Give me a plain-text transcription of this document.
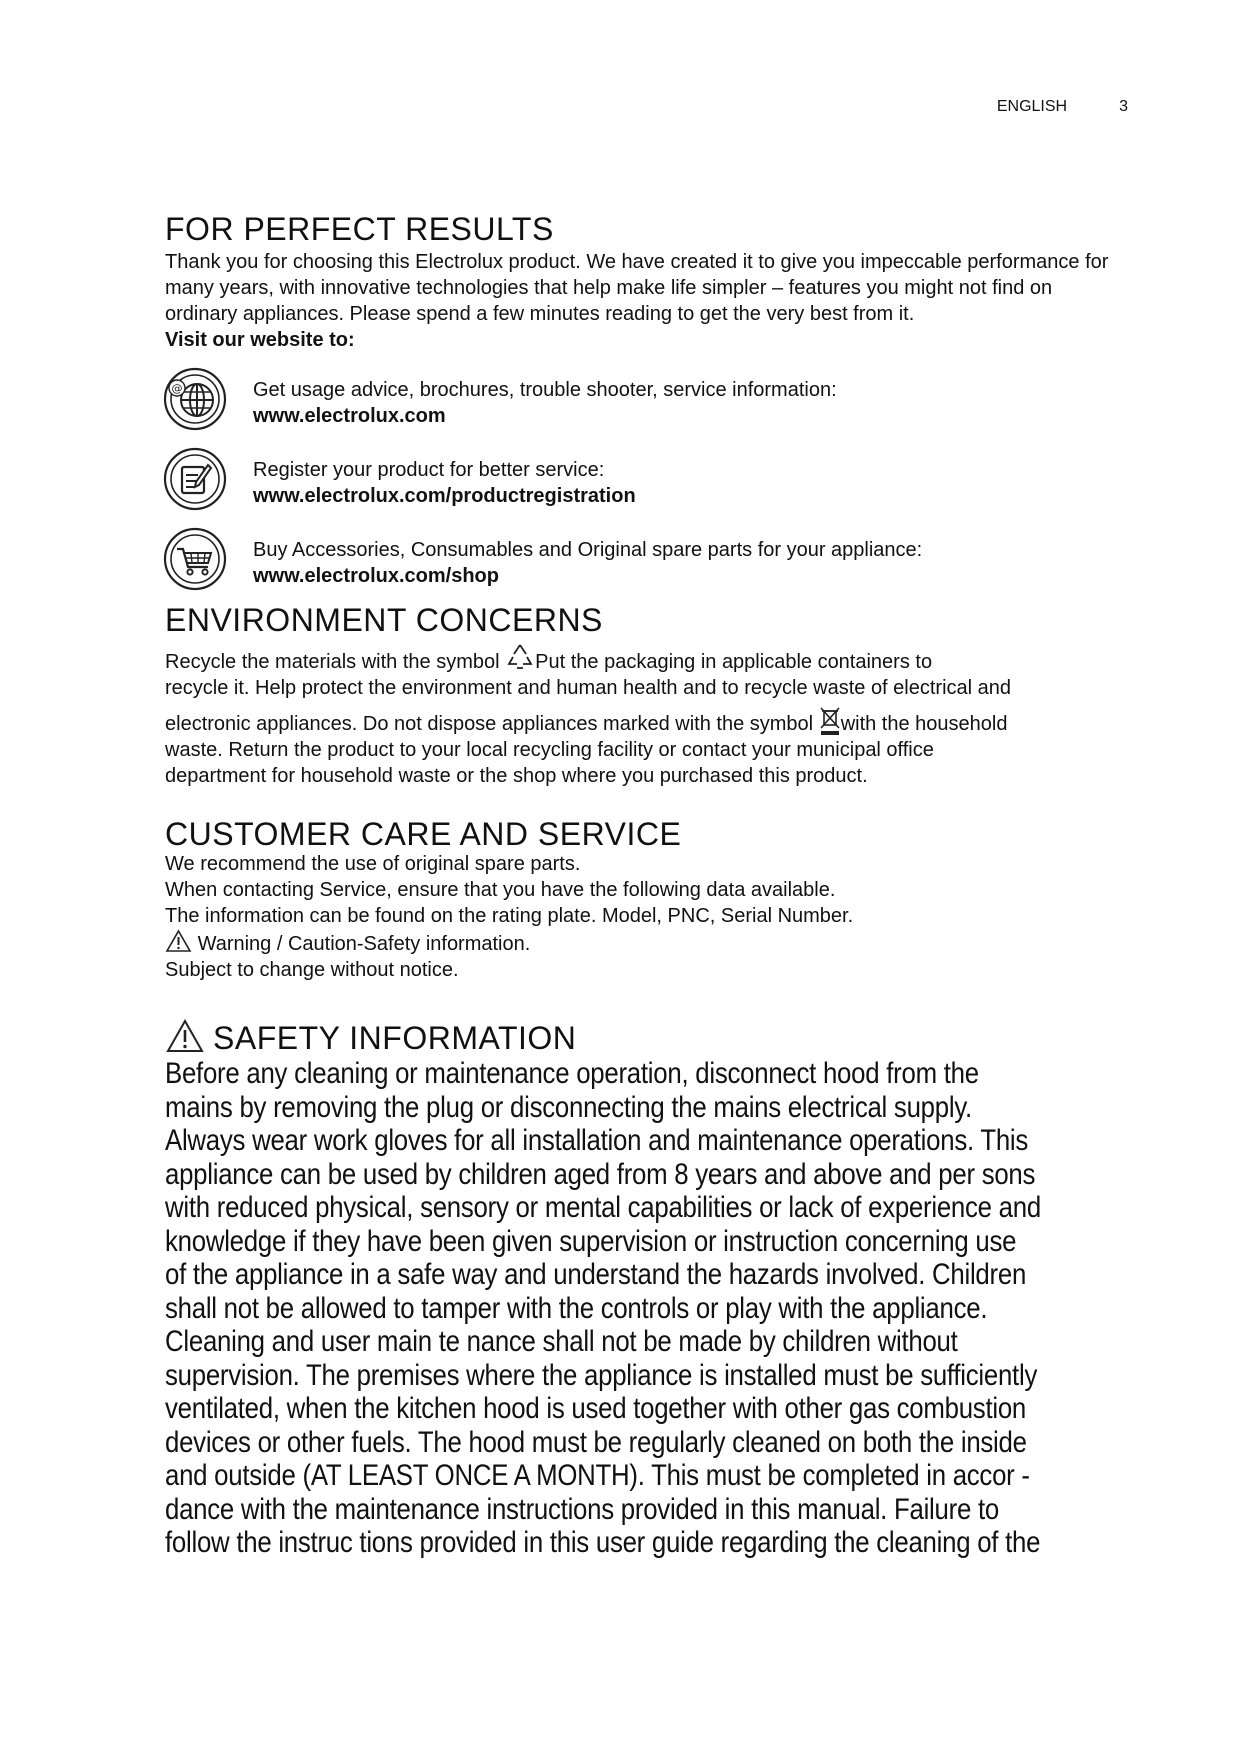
ENGLISH	3
FOR PERFECT RESULTS

Thank you for choosing this Electrolux product. We have created it to give you impeccable performance for many years, with innovative technologies that help make life simpler – features you might not find on ordinary appliances. Please spend a few minutes reading to get the very best from it.

Visit our website to:

@	Get usage advice, brochures, trouble shooter, service information:
www.electrolux.com
Register your product for better service:
www.electrolux.com/productregistration
Buy Accessories, Consumables and Original spare parts for your appliance:
www.electrolux.com/shop
ENVIRONMENT CONCERNS
Recycle the materials with the symbol Put the packaging in applicable containers to
recycle it. Help protect the environment and human health and to recycle waste of electrical and
electronic appliances. Do not dispose appliances marked with the symbol with the household
waste. Return the product to your local recycling facility or contact your municipal office
department for household waste or the shop where you purchased this product.
CUSTOMER CARE AND SERVICE
We recommend the use of original spare parts.
When contacting Service, ensure that you have the following data available.
The information can be found on the rating plate. Model, PNC, Serial Number.
Warning / Caution-Safety information.
Subject to change without notice.
SAFETY INFORMATION
Before any cleaning or maintenance operation, disconnect hood from the
mains by removing the plug or disconnecting the mains electrical supply.
Always wear work gloves for all installation and maintenance operations. This
appliance can be used by children aged from 8 years and above and per sons
with reduced physical, sensory or mental capabilities or lack of experience and
knowledge if they have been given supervision or instruction concerning use
of the appliance in a safe way and understand the hazards involved. Children
shall not be allowed to tamper with the controls or play with the appliance.
Cleaning and user main te nance shall not be made by children without
supervision. The premises where the appliance is installed must be sufficiently
ventilated, when the kitchen hood is used together with other gas combustion
devices or other fuels. The hood must be regularly cleaned on both the inside
and outside (AT LEAST ONCE A MONTH). This must be completed in accor -
dance with the maintenance instructions provided in this manual. Failure to
follow the instruc tions provided in this user guide regarding the cleaning of the
